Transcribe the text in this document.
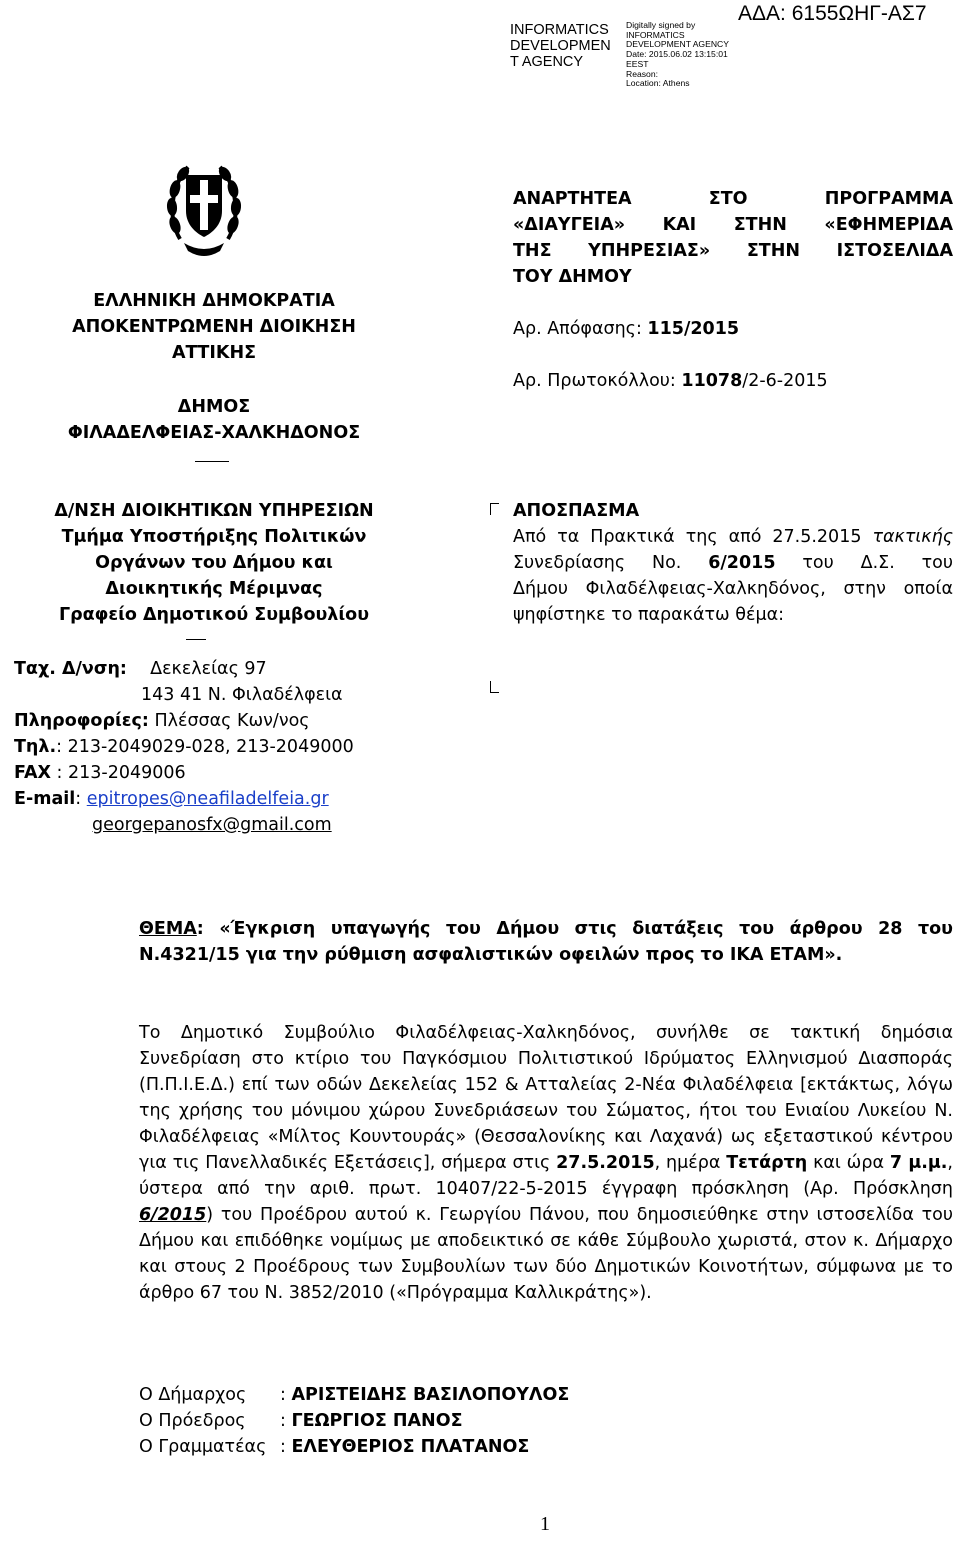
INFORMATICS
DEVELOPMEN
T AGENCY
Digitally signed by
INFORMATICS
DEVELOPMENT AGENCY
Date: 2015.06.02 13:15:01
EEST
Reason:
Location: Athens
ΑΔΑ: 6155ΩΗΓ-ΑΣ7
ΕΛΛΗΝΙΚΗ ΔΗΜΟΚΡΑΤΙΑ
ΑΠΟΚΕΝΤΡΩΜΕΝΗ ΔΙΟΙΚΗΣΗ
ΑΤΤΙΚΗΣ
ΔΗΜΟΣ
ΦΙΛΑΔΕΛΦΕΙΑΣ-ΧΑΛΚΗΔΟΝΟΣ
Δ/ΝΣΗ ΔΙΟΙΚΗΤΙΚΩΝ ΥΠΗΡΕΣΙΩΝ
Τμήμα Υποστήριξης Πολιτικών
Οργάνων του Δήμου και
Διοικητικής Μέριμνας
Γραφείο Δημοτικού Συμβουλίου
Ταχ. Δ/νση: Δεκελείας 97
143 41 Ν. Φιλαδέλφεια
Πληροφορίες: Πλέσσας Κων/νος
Τηλ.: 213-2049029-028, 213-2049000
FAX : 213-2049006
E-mail: epitropes@neafiladelfeia.gr
georgepanosfx@gmail.com
ΑΝΑΡΤΗΤΕΑ ΣΤΟ ΠΡΟΓΡΑΜΜΑ
«ΔΙΑΥΓΕΙΑ» ΚΑΙ ΣΤΗΝ «ΕΦΗΜΕΡΙΔΑ
ΤΗΣ ΥΠΗΡΕΣΙΑΣ» ΣΤΗΝ ΙΣΤΟΣΕΛΙΔΑ
ΤΟΥ ΔΗΜΟΥ
Αρ. Απόφασης: 115/2015
Αρ. Πρωτοκόλλου: 11078/2-6-2015
ΑΠΟΣΠΑΣΜΑ
Από τα Πρακτικά της από 27.5.2015 τακτικής
Συνεδρίασης Νο. 6/2015 του Δ.Σ. του
Δήμου Φιλαδέλφειας-Χαλκηδόνος, στην οποία
ψηφίστηκε το παρακάτω θέμα:
ΘΕΜΑ: «Έγκριση υπαγωγής του Δήμου στις διατάξεις του άρθρου 28 του Ν.4321/15 για την ρύθμιση ασφαλιστικών οφειλών προς το ΙΚΑ ΕΤΑΜ».
Το Δημοτικό Συμβούλιο Φιλαδέλφειας-Χαλκηδόνος, συνήλθε σε τακτική δημόσια Συνεδρίαση στο κτίριο του Παγκόσμιου Πολιτιστικού Ιδρύματος Ελληνισμού Διασποράς (Π.Π.Ι.Ε.Δ.) επί των οδών Δεκελείας 152 & Ατταλείας 2-Νέα Φιλαδέλφεια [εκτάκτως, λόγω της χρήσης του μόνιμου χώρου Συνεδριάσεων του Σώματος, ήτοι του Ενιαίου Λυκείου Ν. Φιλαδέλφειας «Μίλτος Κουντουράς» (Θεσσαλονίκης και Λαχανά) ως εξεταστικού κέντρου για τις Πανελλαδικές Εξετάσεις], σήμερα στις 27.5.2015, ημέρα Τετάρτη και ώρα 7 μ.μ., ύστερα από την αριθ. πρωτ. 10407/22-5-2015 έγγραφη πρόσκληση (Αρ. Πρόσκληση 6/2015) του Προέδρου αυτού κ. Γεωργίου Πάνου, που δημοσιεύθηκε στην ιστοσελίδα του Δήμου και επιδόθηκε νομίμως με αποδεικτικό σε κάθε Σύμβουλο χωριστά, στον κ. Δήμαρχο και στους 2 Προέδρους των Συμβουλίων των δύο Δημοτικών Κοινοτήτων, σύμφωνα με το άρθρο 67 του Ν. 3852/2010 («Πρόγραμμα Καλλικράτης»).
Ο Δήμαρχος : ΑΡΙΣΤΕΙΔΗΣ ΒΑΣΙΛΟΠΟΥΛΟΣ
Ο Πρόεδρος : ΓΕΩΡΓΙΟΣ ΠΑΝΟΣ
Ο Γραμματέας : ΕΛΕΥΘΕΡΙΟΣ ΠΛΑΤΑΝΟΣ
1
